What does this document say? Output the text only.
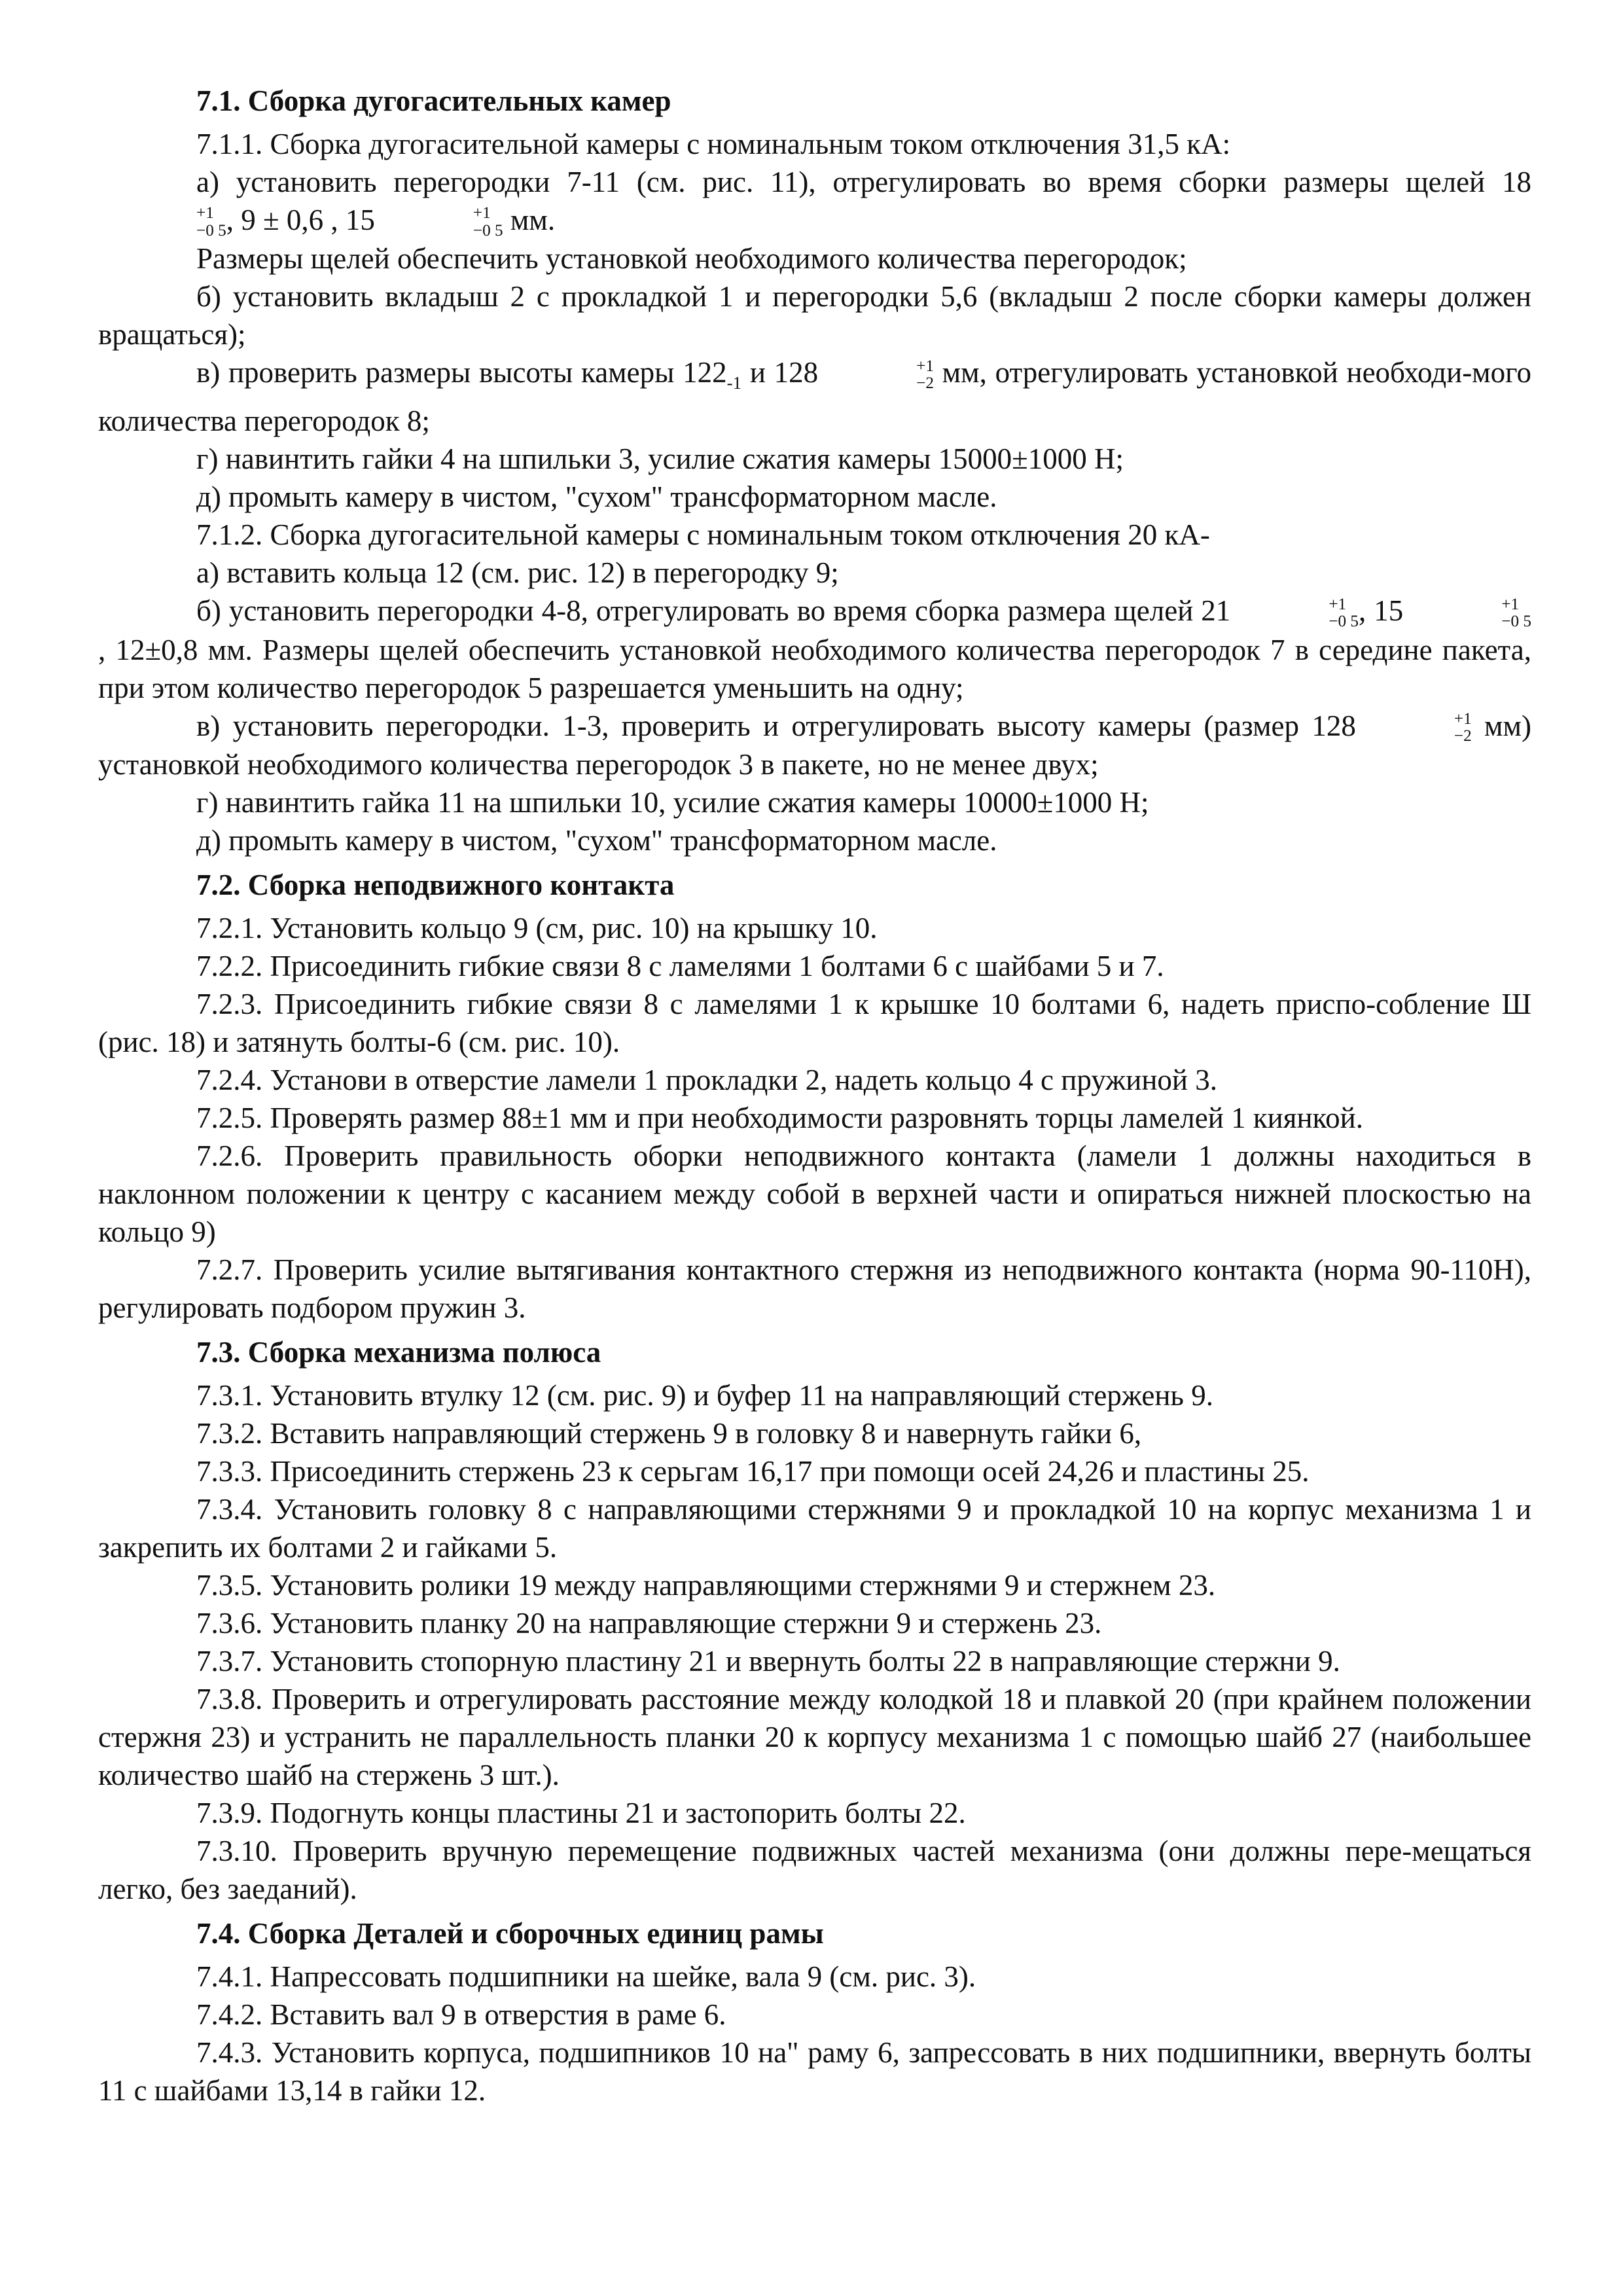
7.1. Сборка дугогасительных камер

7.1.1. Сборка дугогасительной камеры с номинальным током отключения 31,5 кА:

а) установить перегородки 7-11 (см. рис. 11), отрегулировать во время сборки размеры щелей 18
+1
−0 5 , 9 ± 0,6 , 15	+1
−0 5 мм.

Размеры щелей обеспечить установкой необходимого количества перегородок;

б) установить вкладыш 2 с прокладкой 1 и перегородки 5,6 (вкладыш 2 после сборки камеры должен вращаться);

в) проверить размеры высоты камеры $122_{-1}$ и 128	+1
−2 мм, отрегулировать установкой необходи-мого количества перегородок 8;

г) навинтить гайки 4 на шпильки 3, усилие сжатия камеры 15000±1000 Н;

д) промыть камеру в чистом, "сухом" трансформаторном масле.

7.1.2. Сборка дугогасительной камеры с номинальным током отключения 20 кА-

а) вставить кольца 12 (см. рис. 12) в перегородку 9;

б) установить перегородки 4-8, отрегулировать во время сборка размера щелей 21	+1
−0 5 , 15	+1
−0 5
, 12±0,8 мм. Размеры щелей обеспечить установкой необходимого количества перегородок 7 в середине пакета, при этом количество перегородок 5 разрешается уменьшить на одну;

в) установить перегородки. 1-3, проверить и отрегулировать высоту камеры (размер 128	+1
−2 мм) установкой необходимого количества перегородок 3 в пакете, но не менее двух;

г) навинтить гайка 11 на шпильки 10, усилие сжатия камеры 10000±1000 Н;

д) промыть камеру в чистом, "сухом" трансформаторном масле.

7.2. Сборка неподвижного контакта

7.2.1. Установить кольцо 9 (см, рис. 10) на крышку 10.

7.2.2. Присоединить гибкие связи 8 с ламелями 1 болтами 6 с шайбами 5 и 7.

7.2.3. Присоединить гибкие связи 8 с ламелями 1 к крышке 10 болтами 6, надеть приспо-собление Ш (рис. 18) и затянуть болты-6 (см. рис. 10).

7.2.4. Установи в отверстие ламели 1 прокладки 2, надеть кольцо 4 с пружиной 3.

7.2.5. Проверять размер 88±1 мм и при необходимости разровнять торцы ламелей 1 киянкой.

7.2.6. Проверить правильность оборки неподвижного контакта (ламели 1 должны находиться в наклонном положении к центру с касанием между собой в верхней части и опираться нижней плоскостью на кольцо 9)

7.2.7. Проверить усилие вытягивания контактного стержня из неподвижного контакта (норма 90-110Н), регулировать подбором пружин 3.

7.3. Сборка механизма полюса

7.3.1. Установить втулку 12 (см. рис. 9) и буфер 11 на направляющий стержень 9.

7.3.2. Вставить направляющий стержень 9 в головку 8 и навернуть гайки 6,

7.3.3. Присоединить стержень 23 к серьгам 16,17 при помощи осей 24,26 и пластины 25.

7.3.4. Установить головку 8 с направляющими стержнями 9 и прокладкой 10 на корпус механизма 1 и закрепить их болтами 2 и гайками 5.

7.3.5. Установить ролики 19 между направляющими стержнями 9 и стержнем 23.

7.3.6. Установить планку 20 на направляющие стержни 9 и стержень 23.

7.3.7. Установить стопорную пластину 21 и ввернуть болты 22 в направляющие стержни 9.

7.3.8. Проверить и отрегулировать расстояние между колодкой 18 и плавкой 20 (при крайнем положении стержня 23) и устранить не параллельность планки 20 к корпусу механизма 1 с помощью шайб 27 (наибольшее количество шайб на стержень 3 шт.).

7.3.9. Подогнуть концы пластины 21 и застопорить болты 22.

7.3.10. Проверить вручную перемещение подвижных частей механизма (они должны пере-мещаться легко, без заеданий).

7.4. Сборка Деталей и сборочных единиц рамы

7.4.1. Напрессовать подшипники на шейке, вала 9 (см. рис. 3).

7.4.2. Вставить вал 9 в отверстия в раме 6.

7.4.3. Установить корпуса, подшипников 10 на" раму 6, запрессовать в них подшипники, ввернуть болты 11 с шайбами 13,14 в гайки 12.
